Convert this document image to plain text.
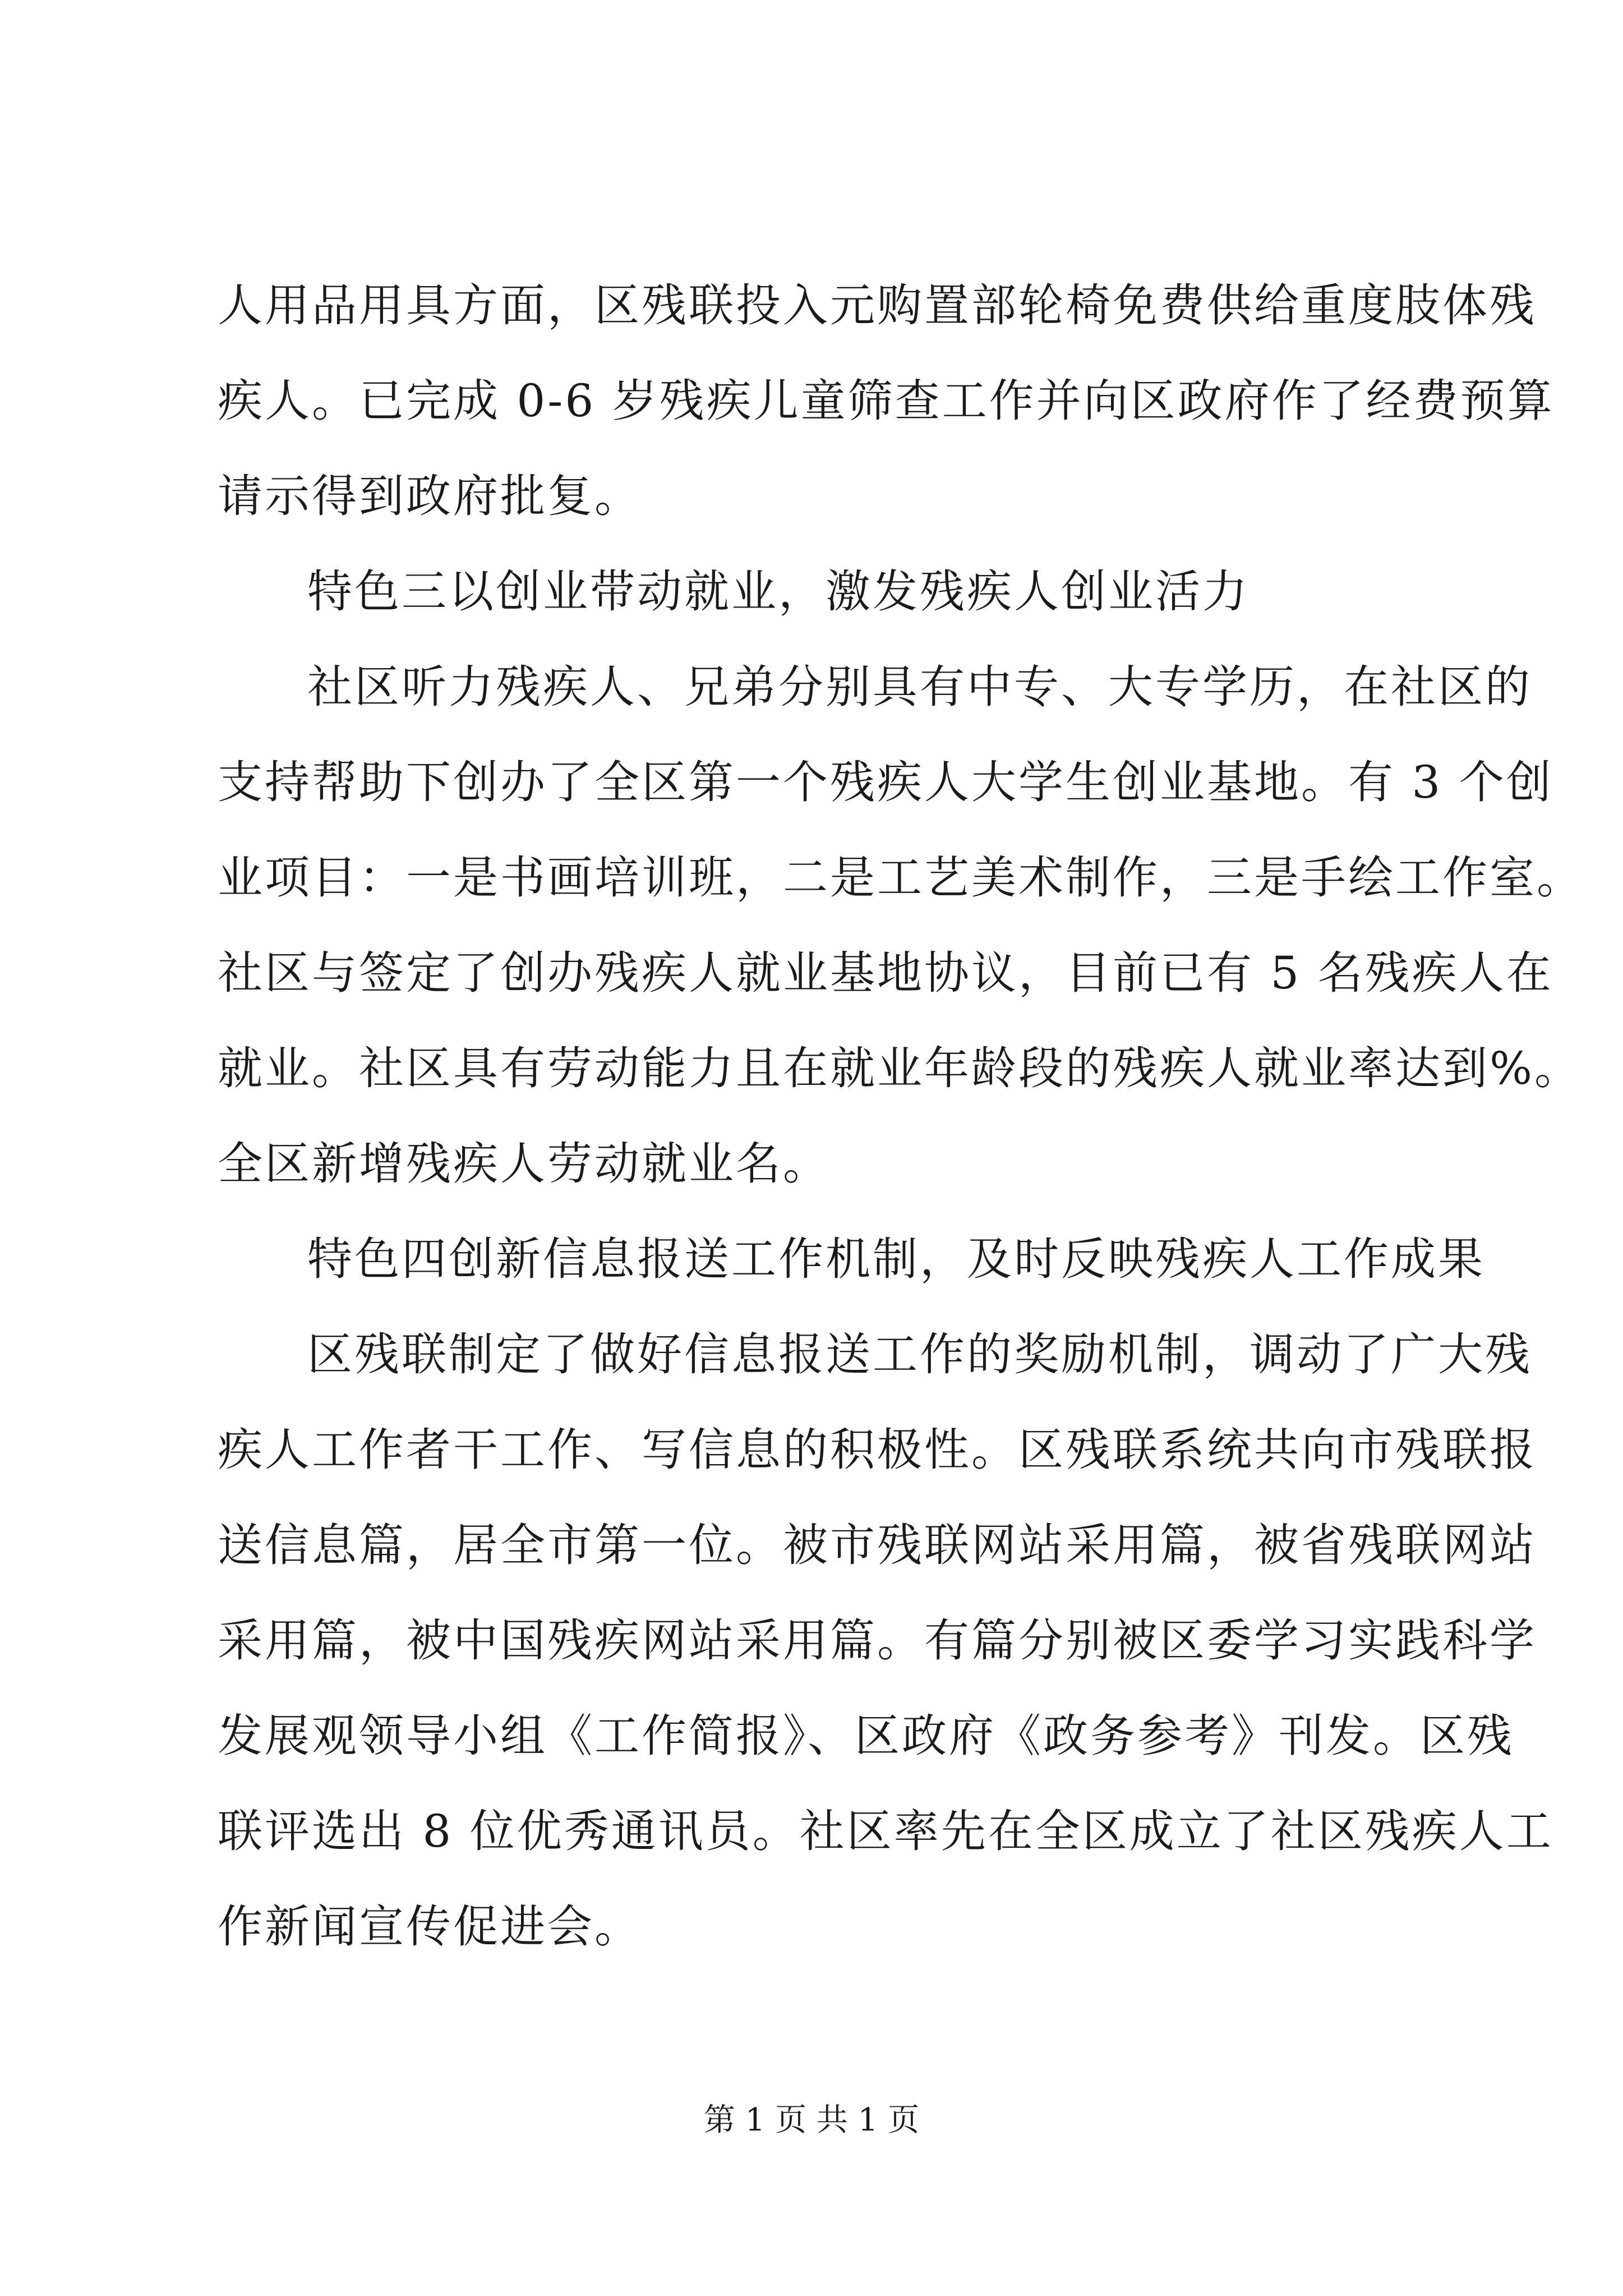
人用品用具方面，区残联投入元购置部轮椅免费供给重度肢体残
疾人。已完成 0-6 岁残疾儿童筛查工作并向区政府作了经费预算
请示得到政府批复。
特色三以创业带动就业，激发残疾人创业活力
社区听力残疾人、兄弟分别具有中专、大专学历，在社区的
支持帮助下创办了全区第一个残疾人大学生创业基地。有 3 个创
业项目：一是书画培训班，二是工艺美术制作，三是手绘工作室。
社区与签定了创办残疾人就业基地协议，目前已有 5 名残疾人在
就业。社区具有劳动能力且在就业年龄段的残疾人就业率达到%。
全区新增残疾人劳动就业名。
特色四创新信息报送工作机制，及时反映残疾人工作成果
区残联制定了做好信息报送工作的奖励机制，调动了广大残
疾人工作者干工作、写信息的积极性。区残联系统共向市残联报
送信息篇，居全市第一位。被市残联网站采用篇，被省残联网站
采用篇，被中国残疾网站采用篇。有篇分别被区委学习实践科学
发展观领导小组《工作简报》、区政府《政务参考》刊发。区残
联评选出 8 位优秀通讯员。社区率先在全区成立了社区残疾人工
作新闻宣传促进会。
第 1 页 共 1 页
